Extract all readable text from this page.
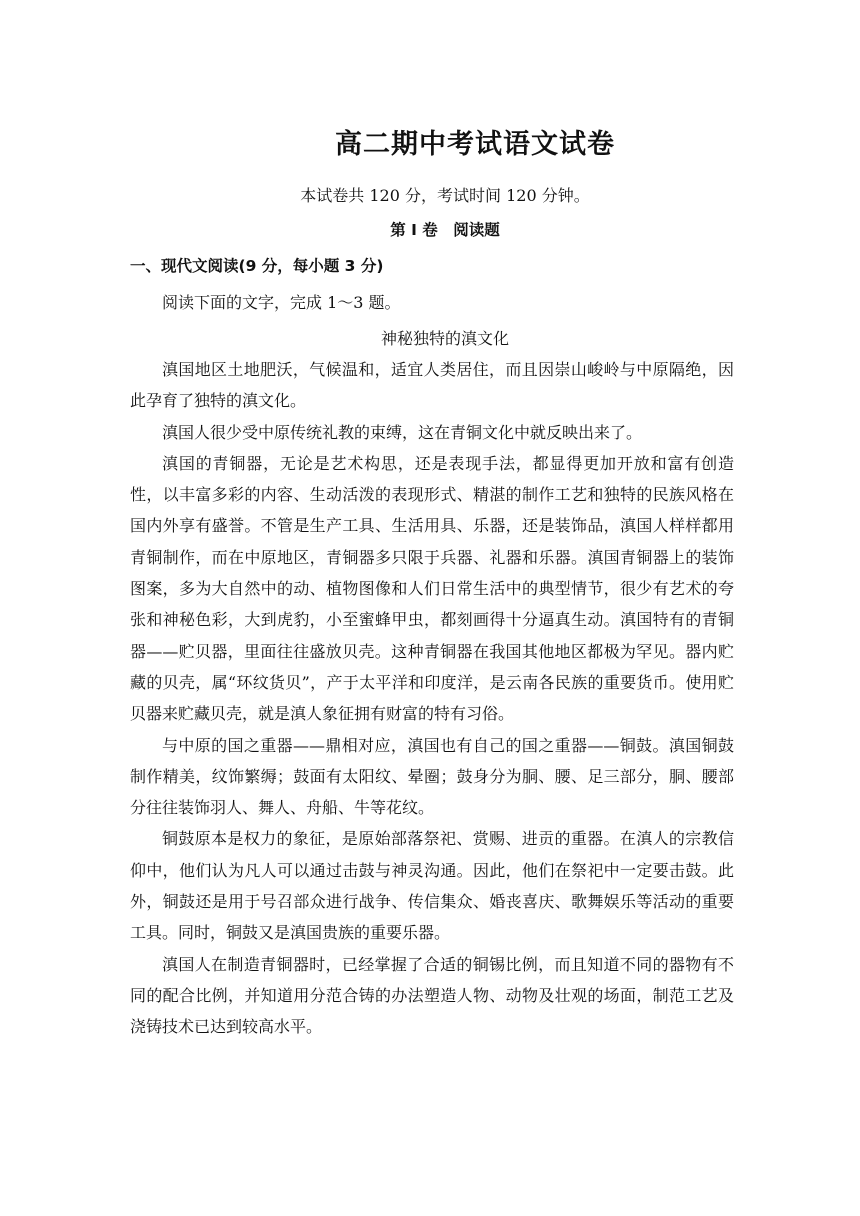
高二期中考试语文试卷
本试卷共 120 分，考试时间 120 分钟。
第 I 卷　阅读题
一、现代文阅读(9 分，每小题 3 分)
阅读下面的文字，完成 1～3 题。
神秘独特的滇文化

滇国地区土地肥沃，气候温和，适宜人类居住，而且因崇山峻岭与中原隔绝，因此孕育了独特的滇文化。

滇国人很少受中原传统礼教的束缚，这在青铜文化中就反映出来了。

滇国的青铜器，无论是艺术构思，还是表现手法，都显得更加开放和富有创造性，以丰富多彩的内容、生动活泼的表现形式、精湛的制作工艺和独特的民族风格在国内外享有盛誉。不管是生产工具、生活用具、乐器，还是装饰品，滇国人样样都用青铜制作，而在中原地区，青铜器多只限于兵器、礼器和乐器。滇国青铜器上的装饰图案，多为大自然中的动、植物图像和人们日常生活中的典型情节，很少有艺术的夸张和神秘色彩，大到虎豹，小至蜜蜂甲虫，都刻画得十分逼真生动。滇国特有的青铜器——贮贝器，里面往往盛放贝壳。这种青铜器在我国其他地区都极为罕见。器内贮藏的贝壳，属“环纹货贝”，产于太平洋和印度洋，是云南各民族的重要货币。使用贮贝器来贮藏贝壳，就是滇人象征拥有财富的特有习俗。

与中原的国之重器——鼎相对应，滇国也有自己的国之重器——铜鼓。滇国铜鼓制作精美，纹饰繁缛；鼓面有太阳纹、晕圈；鼓身分为胴、腰、足三部分，胴、腰部分往往装饰羽人、舞人、舟船、牛等花纹。

铜鼓原本是权力的象征，是原始部落祭祀、赏赐、进贡的重器。在滇人的宗教信仰中，他们认为凡人可以通过击鼓与神灵沟通。因此，他们在祭祀中一定要击鼓。此外，铜鼓还是用于号召部众进行战争、传信集众、婚丧喜庆、歌舞娱乐等活动的重要工具。同时，铜鼓又是滇国贵族的重要乐器。

滇国人在制造青铜器时，已经掌握了合适的铜锡比例，而且知道不同的器物有不同的配合比例，并知道用分范合铸的办法塑造人物、动物及壮观的场面，制范工艺及浇铸技术已达到较高水平。
